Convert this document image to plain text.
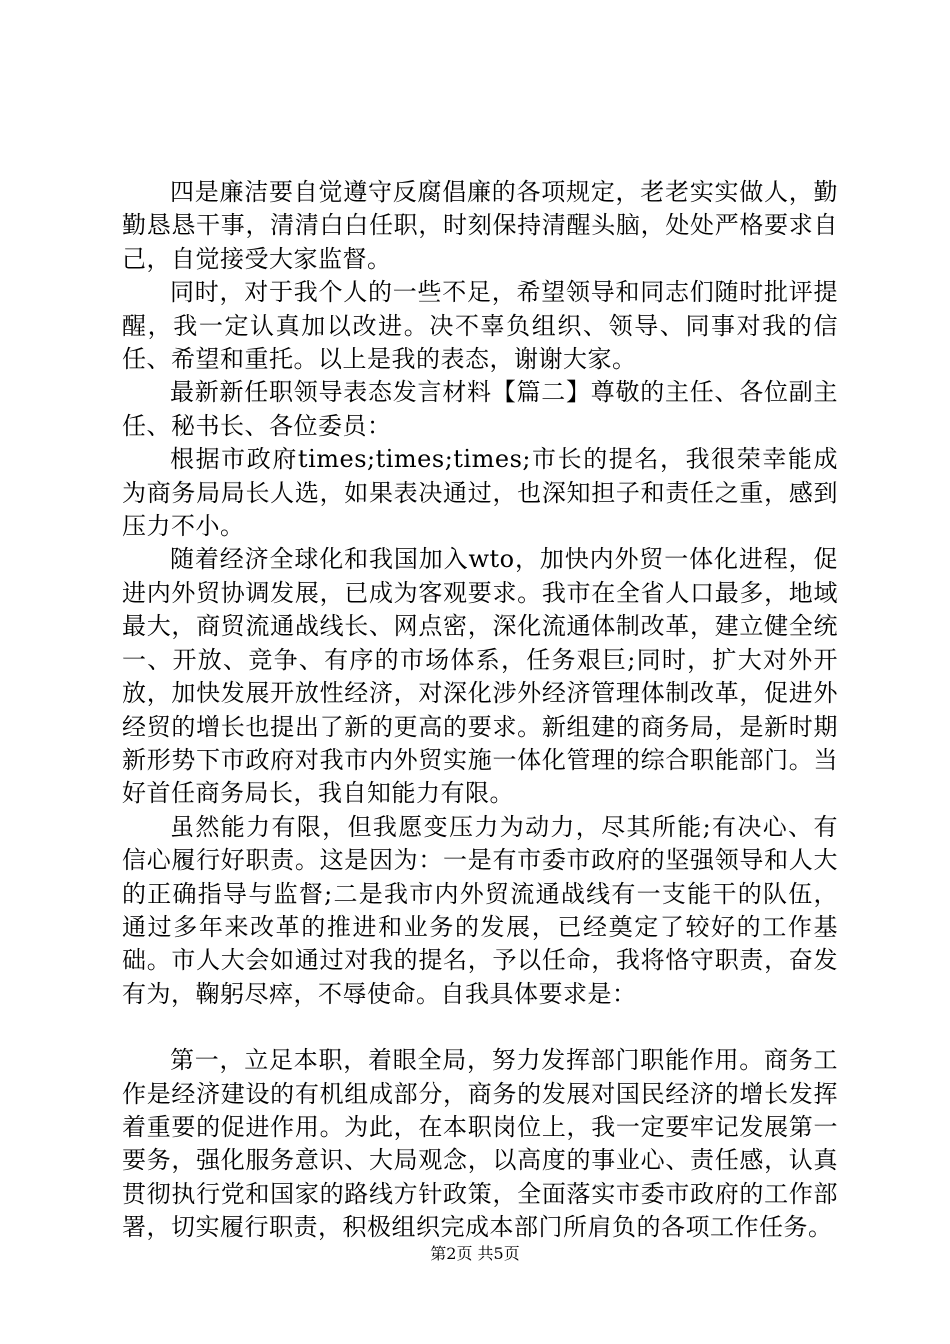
四是廉洁要自觉遵守反腐倡廉的各项规定，老老实实做人，勤勤恳恳干事，清清白白任职，时刻保持清醒头脑，处处严格要求自己，自觉接受大家监督。

同时，对于我个人的一些不足，希望领导和同志们随时批评提醒，我一定认真加以改进。决不辜负组织、领导、同事对我的信任、希望和重托。以上是我的表态，谢谢大家。

最新新任职领导表态发言材料【篇二】尊敬的主任、各位副主任、秘书长、各位委员：

根据市政府times;times;times;市长的提名，我很荣幸能成为商务局局长人选，如果表决通过，也深知担子和责任之重，感到压力不小。

随着经济全球化和我国加入wto，加快内外贸一体化进程，促进内外贸协调发展，已成为客观要求。我市在全省人口最多，地域最大，商贸流通战线长、网点密，深化流通体制改革，建立健全统一、开放、竞争、有序的市场体系，任务艰巨;同时，扩大对外开放，加快发展开放性经济，对深化涉外经济管理体制改革，促进外经贸的增长也提出了新的更高的要求。新组建的商务局，是新时期新形势下市政府对我市内外贸实施一体化管理的综合职能部门。当好首任商务局长，我自知能力有限。

虽然能力有限，但我愿变压力为动力，尽其所能;有决心、有信心履行好职责。这是因为：一是有市委市政府的坚强领导和人大的正确指导与监督;二是我市内外贸流通战线有一支能干的队伍，通过多年来改革的推进和业务的发展，已经奠定了较好的工作基础。市人大会如通过对我的提名，予以任命，我将恪守职责，奋发有为，鞠躬尽瘁，不辱使命。自我具体要求是：

第一，立足本职，着眼全局，努力发挥部门职能作用。商务工作是经济建设的有机组成部分，商务的发展对国民经济的增长发挥着重要的促进作用。为此，在本职岗位上，我一定要牢记发展第一要务，强化服务意识、大局观念，以高度的事业心、责任感，认真贯彻执行党和国家的路线方针政策，全面落实市委市政府的工作部署，切实履行职责，积极组织完成本部门所肩负的各项工作任务。

第2页 共5页
